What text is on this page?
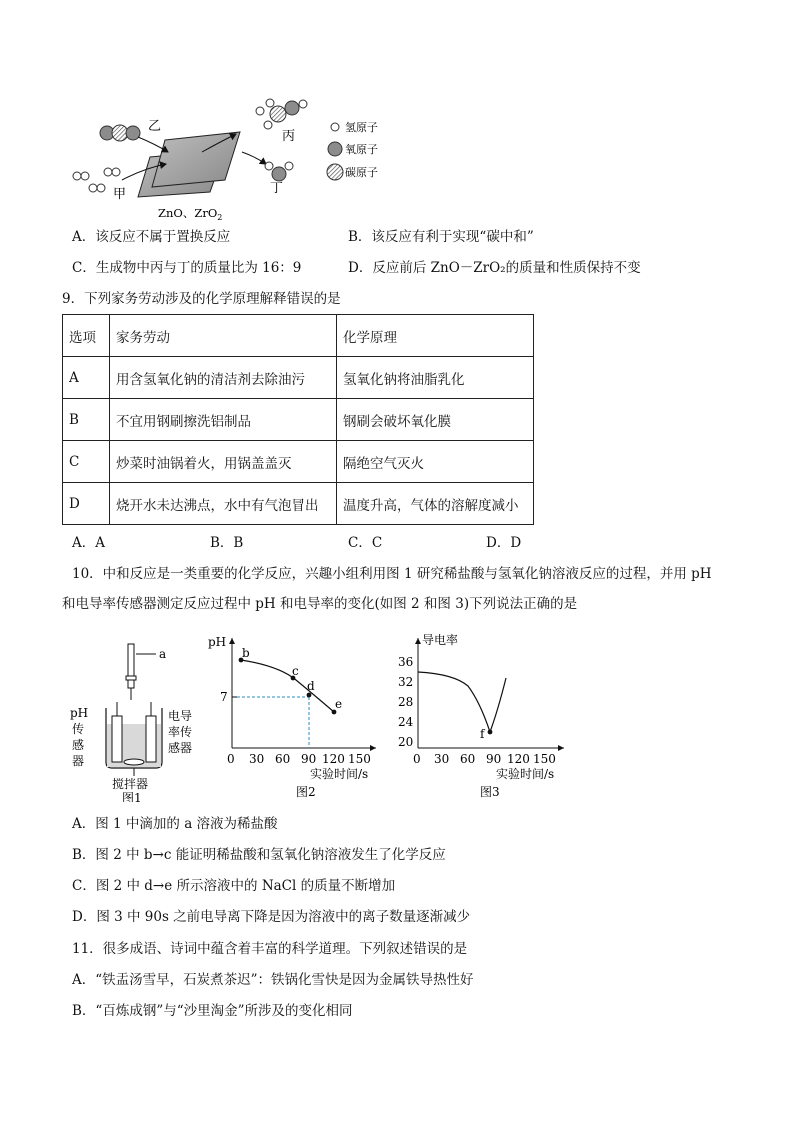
乙
甲
丙
丁
ZnO、ZrO$_2$
氢原子
氧原子
碳原子
A．该反应不属于置换反应	B．该反应有利于实现“碳中和”
C．生成物中丙与丁的质量比为 16：9	D．反应前后 ZnO－ZrO₂的质量和性质保持不变
9．下列家务劳动涉及的化学原理解释错误的是
选项	家务劳动	化学原理
A	用含氢氧化钠的清洁剂去除油污	氢氧化钠将油脂乳化
B	不宜用钢刷擦洗铝制品	钢刷会破坏氧化膜
C	炒菜时油锅着火，用锅盖盖灭	隔绝空气灭火
D	烧开水未达沸点，水中有气泡冒出	温度升高，气体的溶解度减小
A．A	B．B	C．C	D．D
10．中和反应是一类重要的化学反应，兴趣小组利用图 1 研究稀盐酸与氢氧化钠溶液反应的过程，并用 pH
和电导率传感器测定反应过程中 pH 和电导率的变化(如图 2 和图 3)下列说法正确的是
a
pH
传
感
器
电导
率传
感器
搅拌器
图1
pH
7
b
c
d
e
0 30 60 90 120 150
实验时间/s
图2
导电率
36
32
28
24
20
f
0 30 60 90 120 150
实验时间/s
图3
A．图 1 中滴加的 a 溶液为稀盐酸
B．图 2 中 b→c 能证明稀盐酸和氢氧化钠溶液发生了化学反应
C．图 2 中 d→e 所示溶液中的 NaCl 的质量不断增加
D．图 3 中 90s 之前电导离下降是因为溶液中的离子数量逐渐减少
11．很多成语、诗词中蕴含着丰富的科学道理。下列叙述错误的是
A．“铁盂汤雪早，石炭煮茶迟”：铁锅化雪快是因为金属铁导热性好
B．“百炼成钢”与“沙里淘金”所涉及的变化相同
